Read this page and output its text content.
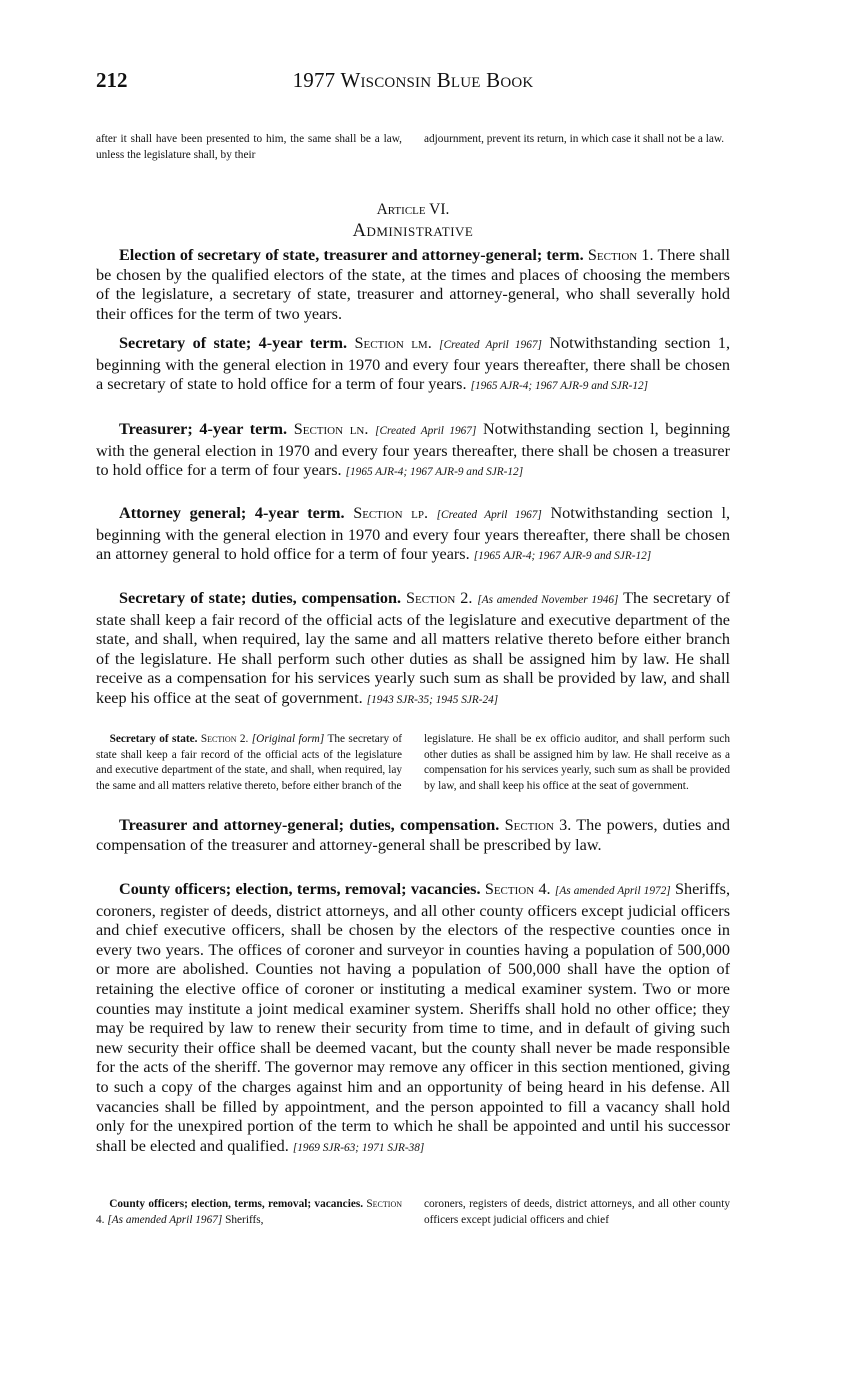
212	1977 Wisconsin Blue Book
after it shall have been presented to him, the same shall be a law, unless the legislature shall, by their
adjournment, prevent its return, in which case it shall not be a law.
Article VI.
Administrative

Election of secretary of state, treasurer and attorney-general; term. Section 1. There shall be chosen by the qualified electors of the state, at the times and places of choosing the members of the legislature, a secretary of state, treasurer and attorney-general, who shall severally hold their offices for the term of two years.

Secretary of state; 4-year term. Section lm. [Created April 1967] Notwithstanding section 1, beginning with the general election in 1970 and every four years thereafter, there shall be chosen a secretary of state to hold office for a term of four years. [1965 AJR-4; 1967 AJR-9 and SJR-12]

Treasurer; 4-year term. Section ln. [Created April 1967] Notwithstanding section l, beginning with the general election in 1970 and every four years thereafter, there shall be chosen a treasurer to hold office for a term of four years. [1965 AJR-4; 1967 AJR-9 and SJR-12]

Attorney general; 4-year term. Section lp. [Created April 1967] Notwithstanding section l, beginning with the general election in 1970 and every four years thereafter, there shall be chosen an attorney general to hold office for a term of four years. [1965 AJR-4; 1967 AJR-9 and SJR-12]

Secretary of state; duties, compensation. Section 2. [As amended November 1946] The secretary of state shall keep a fair record of the official acts of the legislature and executive department of the state, and shall, when required, lay the same and all matters relative thereto before either branch of the legislature. He shall perform such other duties as shall be assigned him by law. He shall receive as a compensation for his services yearly such sum as shall be provided by law, and shall keep his office at the seat of government. [1943 SJR-35; 1945 SJR-24]

Secretary of state. Section 2. [Original form] The secretary of state shall keep a fair record of the official acts of the legislature and executive department of the state, and shall, when required, lay the same and all matters relative thereto, before either branch of the
legislature. He shall be ex officio auditor, and shall perform such other duties as shall be assigned him by law. He shall receive as a compensation for his services yearly, such sum as shall be provided by law, and shall keep his office at the seat of government.

Treasurer and attorney-general; duties, compensation. Section 3. The powers, duties and compensation of the treasurer and attorney-general shall be prescribed by law.

County officers; election, terms, removal; vacancies. Section 4. [As amended April 1972] Sheriffs, coroners, register of deeds, district attorneys, and all other county officers except judicial officers and chief executive officers, shall be chosen by the electors of the respective counties once in every two years. The offices of coroner and surveyor in counties having a population of 500,000 or more are abolished. Counties not having a population of 500,000 shall have the option of retaining the elective office of coroner or instituting a medical examiner system. Two or more counties may institute a joint medical examiner system. Sheriffs shall hold no other office; they may be required by law to renew their security from time to time, and in default of giving such new security their office shall be deemed vacant, but the county shall never be made responsible for the acts of the sheriff. The governor may remove any officer in this section mentioned, giving to such a copy of the charges against him and an opportunity of being heard in his defense. All vacancies shall be filled by appointment, and the person appointed to fill a vacancy shall hold only for the unexpired portion of the term to which he shall be appointed and until his successor shall be elected and qualified. [1969 SJR-63; 1971 SJR-38]

County officers; election, terms, removal; vacancies. Section 4. [As amended April 1967] Sheriffs,
coroners, registers of deeds, district attorneys, and all other county officers except judicial officers and chief
